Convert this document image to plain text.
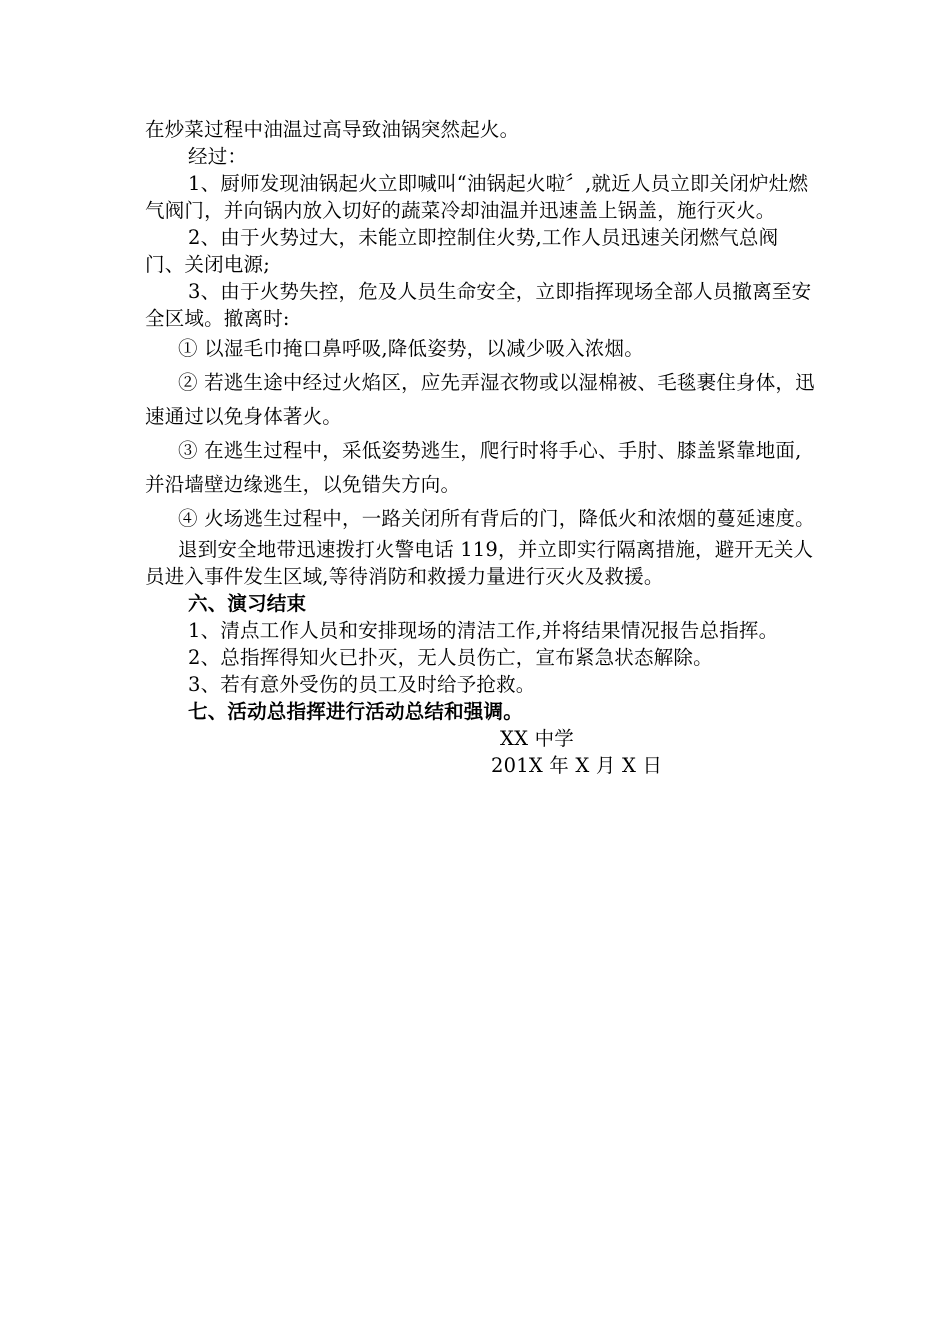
在炒菜过程中油温过高导致油锅突然起火。

经过：

1、厨师发现油锅起火立即喊叫“油锅起火啦〞,就近人员立即关闭炉灶燃气阀门，并向锅内放入切好的蔬菜冷却油温并迅速盖上锅盖，施行灭火。

2、由于火势过大，未能立即控制住火势,工作人员迅速关闭燃气总阀门、关闭电源;

3、由于火势失控，危及人员生命安全，立即指挥现场全部人员撤离至安全区域。撤离时:

① 以湿毛巾掩口鼻呼吸,降低姿势，以减少吸入浓烟。

② 若逃生途中经过火焰区，应先弄湿衣物或以湿棉被、毛毯裹住身体，迅速通过以免身体著火。

③ 在逃生过程中，采低姿势逃生，爬行时将手心、手肘、膝盖紧靠地面,并沿墙壁边缘逃生，以免错失方向。

④ 火场逃生过程中，一路关闭所有背后的门，降低火和浓烟的蔓延速度。

退到安全地带迅速拨打火警电话 119，并立即实行隔离措施，避开无关人员进入事件发生区域,等待消防和救援力量进行灭火及救援。

六、演习结束

1、清点工作人员和安排现场的清洁工作,并将结果情况报告总指挥。

2、总指挥得知火已扑灭，无人员伤亡，宣布紧急状态解除。

3、若有意外受伤的员工及时给予抢救。

七、活动总指挥进行活动总结和强调。

XX 中学

201X 年 X 月 X 日
